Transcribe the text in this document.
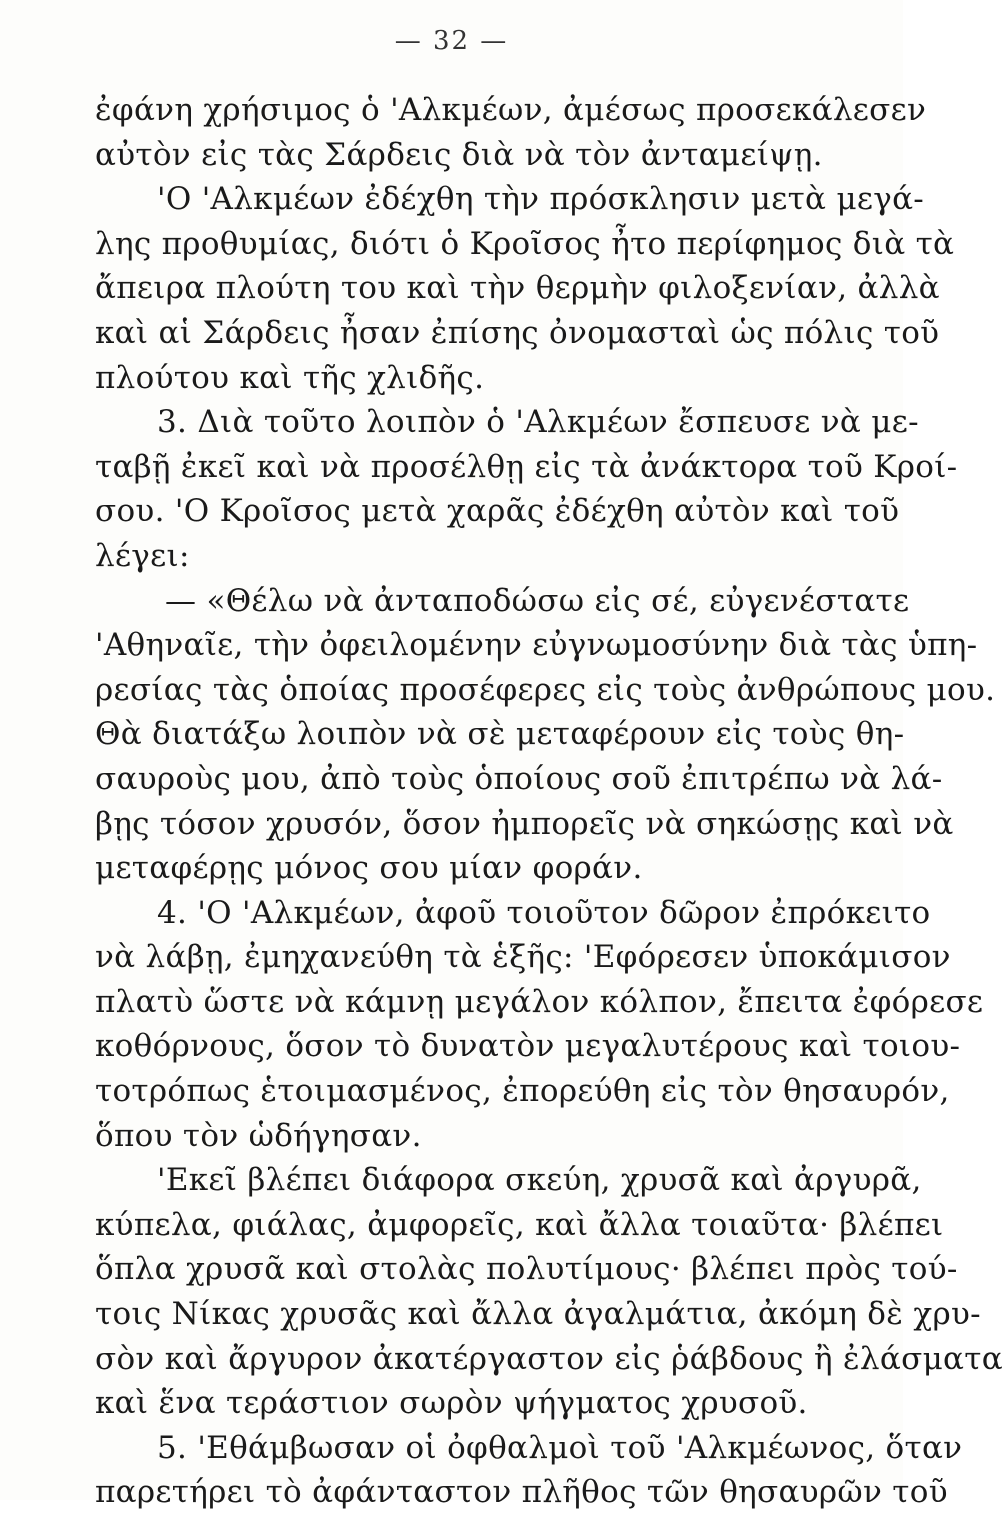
— 32 —
ἐφάνη χρήσιμος ὁ 'Αλκμέων, ἀμέσως προσεκάλεσεν
αὐτὸν εἰς τὰς Σάρδεις διὰ νὰ τὸν ἀνταμείψῃ.
'Ο 'Αλκμέων ἐδέχθη τὴν πρόσκλησιν μετὰ μεγά-
λης προθυμίας, διότι ὁ Κροῖσος ἦτο περίφημος διὰ τὰ
ἄπειρα πλούτη του καὶ τὴν θερμὴν φιλοξενίαν, ἀλλὰ
καὶ αἱ Σάρδεις ἦσαν ἐπίσης ὀνομασταὶ ὡς πόλις τοῦ
πλούτου καὶ τῆς χλιδῆς.
3. Διὰ τοῦτο λοιπὸν ὁ 'Αλκμέων ἔσπευσε νὰ με-
ταβῇ ἐκεῖ καὶ νὰ προσέλθῃ εἰς τὰ ἀνάκτορα τοῦ Κροί-
σου. 'Ο Κροῖσος μετὰ χαρᾶς ἐδέχθη αὐτὸν καὶ τοῦ
λέγει:
— «Θέλω νὰ ἀνταποδώσω εἰς σέ, εὐγενέστατε
'Αθηναῖε, τὴν ὀφειλομένην εὐγνωμοσύνην διὰ τὰς ὑπη-
ρεσίας τὰς ὁποίας προσέφερες εἰς τοὺς ἀνθρώπους μου.
Θὰ διατάξω λοιπὸν νὰ σὲ μεταφέρουν εἰς τοὺς θη-
σαυροὺς μου, ἀπὸ τοὺς ὁποίους σοῦ ἐπιτρέπω νὰ λά-
βῃς τόσον χρυσόν, ὅσον ἠμπορεῖς νὰ σηκώσῃς καὶ νὰ
μεταφέρῃς μόνος σου μίαν φοράν.
4. 'Ο 'Αλκμέων, ἀφοῦ τοιοῦτον δῶρον ἐπρόκειτο
νὰ λάβῃ, ἐμηχανεύθη τὰ ἑξῆς: 'Εφόρεσεν ὑποκάμισον
πλατὺ ὥστε νὰ κάμνῃ μεγάλον κόλπον, ἔπειτα ἐφόρεσε
κοθόρνους, ὅσον τὸ δυνατὸν μεγαλυτέρους καὶ τοιου-
τοτρόπως ἑτοιμασμένος, ἐπορεύθη εἰς τὸν θησαυρόν,
ὅπου τὸν ὡδήγησαν.
'Εκεῖ βλέπει διάφορα σκεύη, χρυσᾶ καὶ ἀργυρᾶ,
κύπελα, φιάλας, ἀμφορεῖς, καὶ ἄλλα τοιαῦτα· βλέπει
ὅπλα χρυσᾶ καὶ στολὰς πολυτίμους· βλέπει πρὸς τού-
τοις Νίκας χρυσᾶς καὶ ἄλλα ἀγαλμάτια, ἀκόμη δὲ χρυ-
σὸν καὶ ἄργυρον ἀκατέργαστον εἰς ῥάβδους ἢ ἐλάσματα
καὶ ἕνα τεράστιον σωρὸν ψήγματος χρυσοῦ.
5. 'Εθάμβωσαν οἱ ὀφθαλμοὶ τοῦ 'Αλκμέωνος, ὅταν
παρετήρει τὸ ἀφάνταστον πλῆθος τῶν θησαυρῶν τοῦ
